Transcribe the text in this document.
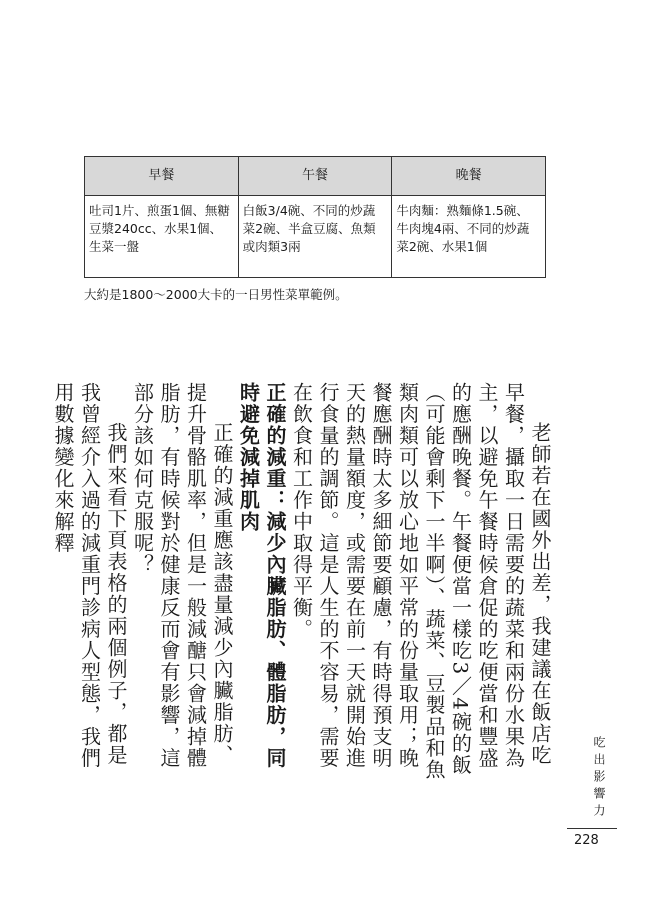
早餐	午餐	晚餐
吐司1片、煎蛋1個、無糖豆漿240cc、水果1個、生菜一盤	白飯3/4碗、不同的炒蔬菜2碗、半盒豆腐、魚類或肉類3兩	牛肉麵：熟麵條1.5碗、牛肉塊4兩、不同的炒蔬菜2碗、水果1個
大約是1800～2000大卡的一日男性菜單範例。

老師若在國外出差，我建議在飯店吃早餐，攝取一日需要的蔬菜和兩份水果為主，以避免午餐時候倉促的吃便當和豐盛的應酬晚餐。午餐便當一樣吃3／4碗的飯（可能會剩下一半啊）、蔬菜、豆製品和魚類肉類可以放心地如平常的份量取用；晚餐應酬時太多細節要顧慮，有時得預支明天的熱量額度，或需要在前一天就開始進行食量的調節。這是人生的不容易，需要在飲食和工作中取得平衡。

正確的減重：減少內臟脂肪、體脂肪，同時避免減掉肌肉

正確的減重應該盡量減少內臟脂肪、提升骨骼肌率，但是一般減醣只會減掉體脂肪，有時候對於健康反而會有影響，這部分該如何克服呢？

我們來看下頁表格的兩個例子，都是我曾經介入過的減重門診病人型態，我們用數據變化來解釋

吃出影響力
228
